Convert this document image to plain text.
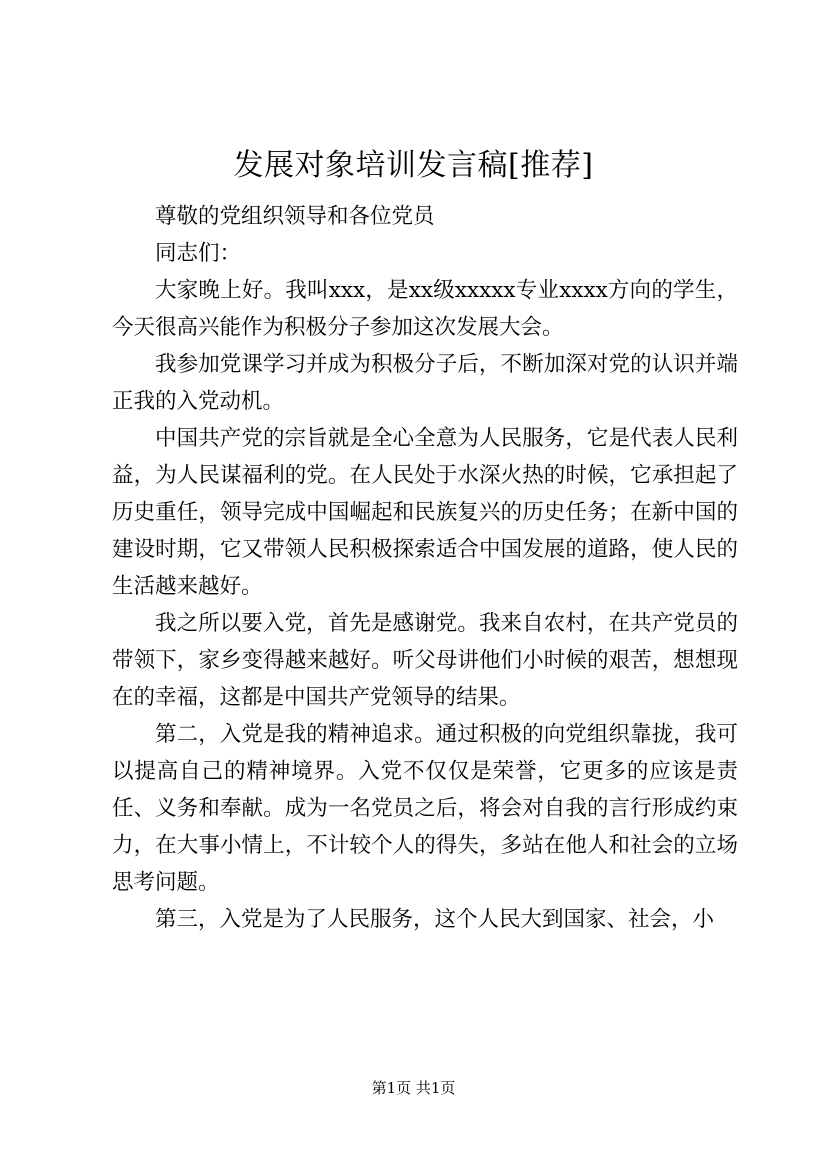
发展对象培训发言稿[推荐]

尊敬的党组织领导和各位党员

同志们：

大家晚上好。我叫xxx，是xx级xxxxx专业xxxx方向的学生，今天很高兴能作为积极分子参加这次发展大会。

我参加党课学习并成为积极分子后，不断加深对党的认识并端正我的入党动机。

中国共产党的宗旨就是全心全意为人民服务，它是代表人民利益，为人民谋福利的党。在人民处于水深火热的时候，它承担起了历史重任，领导完成中国崛起和民族复兴的历史任务；在新中国的建设时期，它又带领人民积极探索适合中国发展的道路，使人民的生活越来越好。

我之所以要入党，首先是感谢党。我来自农村，在共产党员的带领下，家乡变得越来越好。听父母讲他们小时候的艰苦，想想现在的幸福，这都是中国共产党领导的结果。

第二，入党是我的精神追求。通过积极的向党组织靠拢，我可以提高自己的精神境界。入党不仅仅是荣誉，它更多的应该是责任、义务和奉献。成为一名党员之后，将会对自我的言行形成约束力，在大事小情上，不计较个人的得失，多站在他人和社会的立场思考问题。

第三，入党是为了人民服务，这个人民大到国家、社会，小

第1页 共1页
